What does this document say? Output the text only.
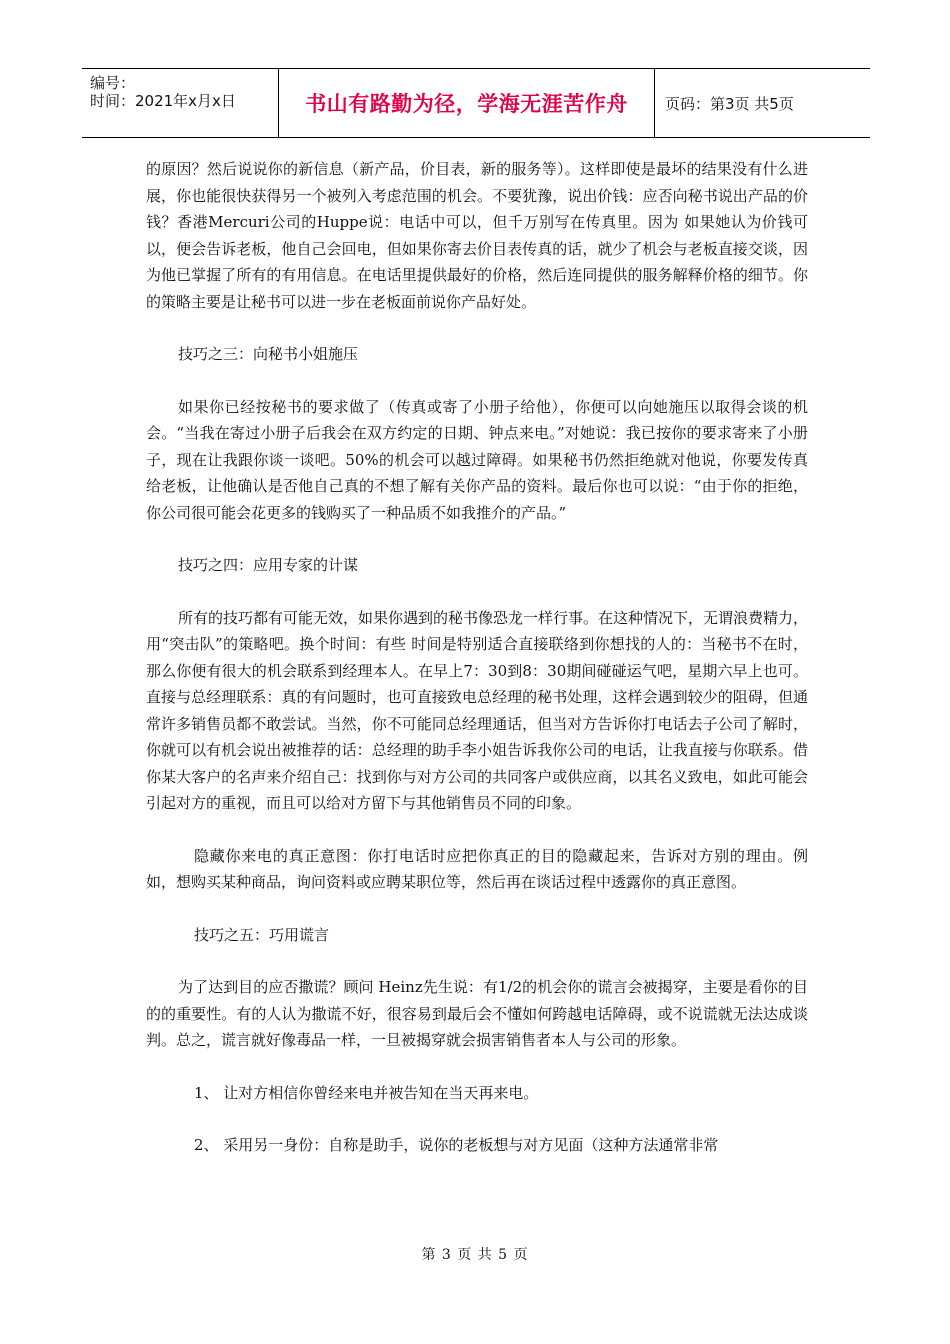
编号：
时间：2021年x月x日	书山有路勤为径，学海无涯苦作舟	页码：第3页 共5页

的原因？然后说说你的新信息（新产品，价目表，新的服务等）。这样即使是最坏的结果没有什么进展，你也能很快获得另一个被列入考虑范围的机会。不要犹豫，说出价钱：应否向秘书说出产品的价钱？香港Mercuri公司的Huppe说：电话中可以，但千万别写在传真里。因为 如果她认为价钱可以，便会告诉老板，他自己会回电，但如果你寄去价目表传真的话，就少了机会与老板直接交谈，因为他已掌握了所有的有用信息。在电话里提供最好的价格，然后连同提供的服务解释价格的细节。你的策略主要是让秘书可以进一步在老板面前说你产品好处。

技巧之三：向秘书小姐施压

如果你已经按秘书的要求做了（传真或寄了小册子给他），你便可以向她施压以取得会谈的机会。“当我在寄过小册子后我会在双方约定的日期、钟点来电。”对她说：我已按你的要求寄来了小册子，现在让我跟你谈一谈吧。50%的机会可以越过障碍。如果秘书仍然拒绝就对他说，你要发传真给老板，让他确认是否他自己真的不想了解有关你产品的资料。最后你也可以说：“由于你的拒绝，你公司很可能会花更多的钱购买了一种品质不如我推介的产品。”

技巧之四：应用专家的计谋

所有的技巧都有可能无效，如果你遇到的秘书像恐龙一样行事。在这种情况下，无谓浪费精力，用“突击队”的策略吧。换个时间：有些 时间是特别适合直接联络到你想找的人的：当秘书不在时，那么你便有很大的机会联系到经理本人。在早上7：30到8：30期间碰碰运气吧，星期六早上也可。直接与总经理联系：真的有问题时，也可直接致电总经理的秘书处理，这样会遇到较少的阻碍，但通常许多销售员都不敢尝试。当然，你不可能同总经理通话，但当对方告诉你打电话去子公司了解时，你就可以有机会说出被推荐的话：总经理的助手李小姐告诉我你公司的电话，让我直接与你联系。借你某大客户的名声来介绍自己：找到你与对方公司的共同客户或供应商，以其名义致电，如此可能会引起对方的重视，而且可以给对方留下与其他销售员不同的印象。

隐藏你来电的真正意图：你打电话时应把你真正的目的隐藏起来，告诉对方别的理由。例如，想购买某种商品，询问资料或应聘某职位等，然后再在谈话过程中透露你的真正意图。

技巧之五：巧用谎言

为了达到目的应否撒谎？顾问 Heinz先生说：有1/2的机会你的谎言会被揭穿，主要是看你的目的的重要性。有的人认为撒谎不好，很容易到最后会不懂如何跨越电话障碍，或不说谎就无法达成谈判。总之，谎言就好像毒品一样，一旦被揭穿就会损害销售者本人与公司的形象。

1、 让对方相信你曾经来电并被告知在当天再来电。

2、 采用另一身份：自称是助手，说你的老板想与对方见面（这种方法通常非常

第 3 页 共 5 页
